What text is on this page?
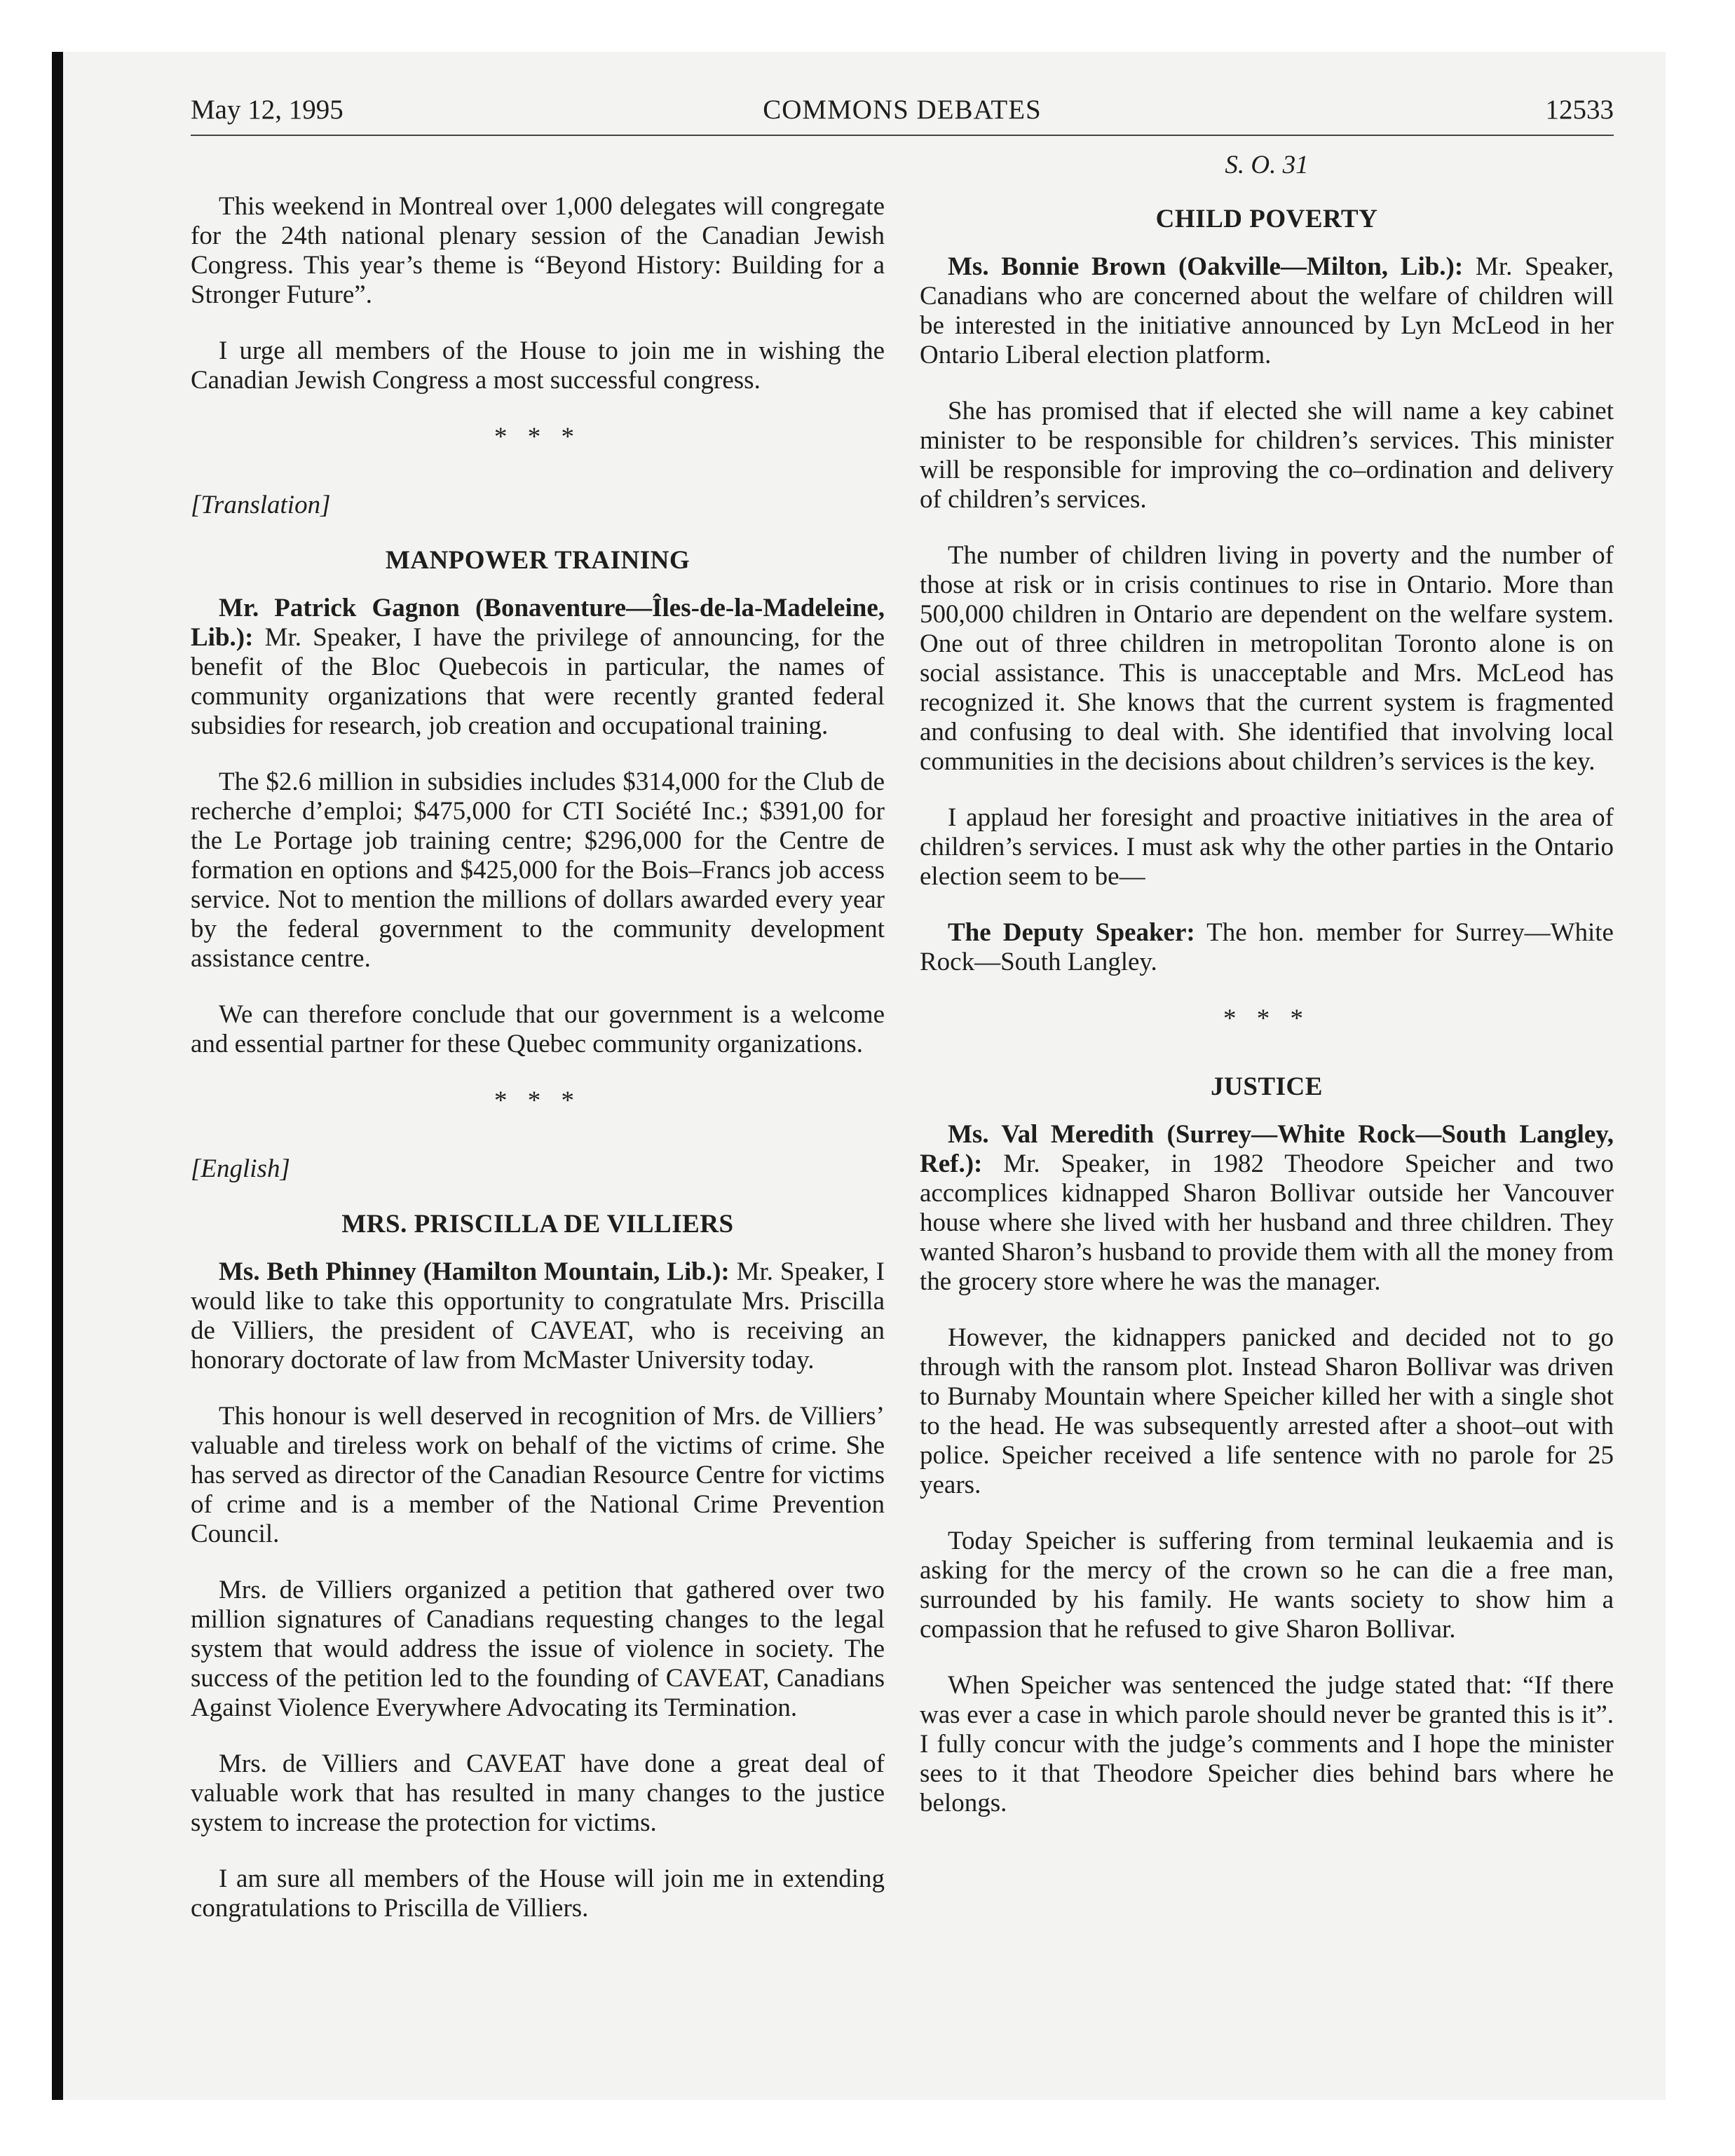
May 12, 1995	COMMONS DEBATES	12533

This weekend in Montreal over 1,000 delegates will congregate for the 24th national plenary session of the Canadian Jewish Congress. This year’s theme is “Beyond History: Building for a Stronger Future”.

I urge all members of the House to join me in wishing the Canadian Jewish Congress a most successful congress.

* * *
[Translation]
MANPOWER TRAINING

Mr. Patrick Gagnon (Bonaventure—Îles-de-la-Madeleine, Lib.): Mr. Speaker, I have the privilege of announcing, for the benefit of the Bloc Quebecois in particular, the names of community organizations that were recently granted federal subsidies for research, job creation and occupational training.

The $2.6 million in subsidies includes $314,000 for the Club de recherche d’emploi; $475,000 for CTI Société Inc.; $391,00 for the Le Portage job training centre; $296,000 for the Centre de formation en options and $425,000 for the Bois–Francs job access service. Not to mention the millions of dollars awarded every year by the federal government to the community development assistance centre.

We can therefore conclude that our government is a welcome and essential partner for these Quebec community organizations.

* * *
[English]
MRS. PRISCILLA DE VILLIERS

Ms. Beth Phinney (Hamilton Mountain, Lib.): Mr. Speaker, I would like to take this opportunity to congratulate Mrs. Priscilla de Villiers, the president of CAVEAT, who is receiving an honorary doctorate of law from McMaster University today.

This honour is well deserved in recognition of Mrs. de Villiers’ valuable and tireless work on behalf of the victims of crime. She has served as director of the Canadian Resource Centre for victims of crime and is a member of the National Crime Prevention Council.

Mrs. de Villiers organized a petition that gathered over two million signatures of Canadians requesting changes to the legal system that would address the issue of violence in society. The success of the petition led to the founding of CAVEAT, Canadians Against Violence Everywhere Advocating its Termination.

Mrs. de Villiers and CAVEAT have done a great deal of valuable work that has resulted in many changes to the justice system to increase the protection for victims.

I am sure all members of the House will join me in extending congratulations to Priscilla de Villiers.

S. O. 31
CHILD POVERTY

Ms. Bonnie Brown (Oakville—Milton, Lib.): Mr. Speaker, Canadians who are concerned about the welfare of children will be interested in the initiative announced by Lyn McLeod in her Ontario Liberal election platform.

She has promised that if elected she will name a key cabinet minister to be responsible for children’s services. This minister will be responsible for improving the co–ordination and delivery of children’s services.

The number of children living in poverty and the number of those at risk or in crisis continues to rise in Ontario. More than 500,000 children in Ontario are dependent on the welfare system. One out of three children in metropolitan Toronto alone is on social assistance. This is unacceptable and Mrs. McLeod has recognized it. She knows that the current system is fragmented and confusing to deal with. She identified that involving local communities in the decisions about children’s services is the key.

I applaud her foresight and proactive initiatives in the area of children’s services. I must ask why the other parties in the Ontario election seem to be—

The Deputy Speaker: The hon. member for Surrey—White Rock—South Langley.

* * *
JUSTICE

Ms. Val Meredith (Surrey—White Rock—South Langley, Ref.): Mr. Speaker, in 1982 Theodore Speicher and two accomplices kidnapped Sharon Bollivar outside her Vancouver house where she lived with her husband and three children. They wanted Sharon’s husband to provide them with all the money from the grocery store where he was the manager.

However, the kidnappers panicked and decided not to go through with the ransom plot. Instead Sharon Bollivar was driven to Burnaby Mountain where Speicher killed her with a single shot to the head. He was subsequently arrested after a shoot–out with police. Speicher received a life sentence with no parole for 25 years.

Today Speicher is suffering from terminal leukaemia and is asking for the mercy of the crown so he can die a free man, surrounded by his family. He wants society to show him a compassion that he refused to give Sharon Bollivar.

When Speicher was sentenced the judge stated that: “If there was ever a case in which parole should never be granted this is it”. I fully concur with the judge’s comments and I hope the minister sees to it that Theodore Speicher dies behind bars where he belongs.
